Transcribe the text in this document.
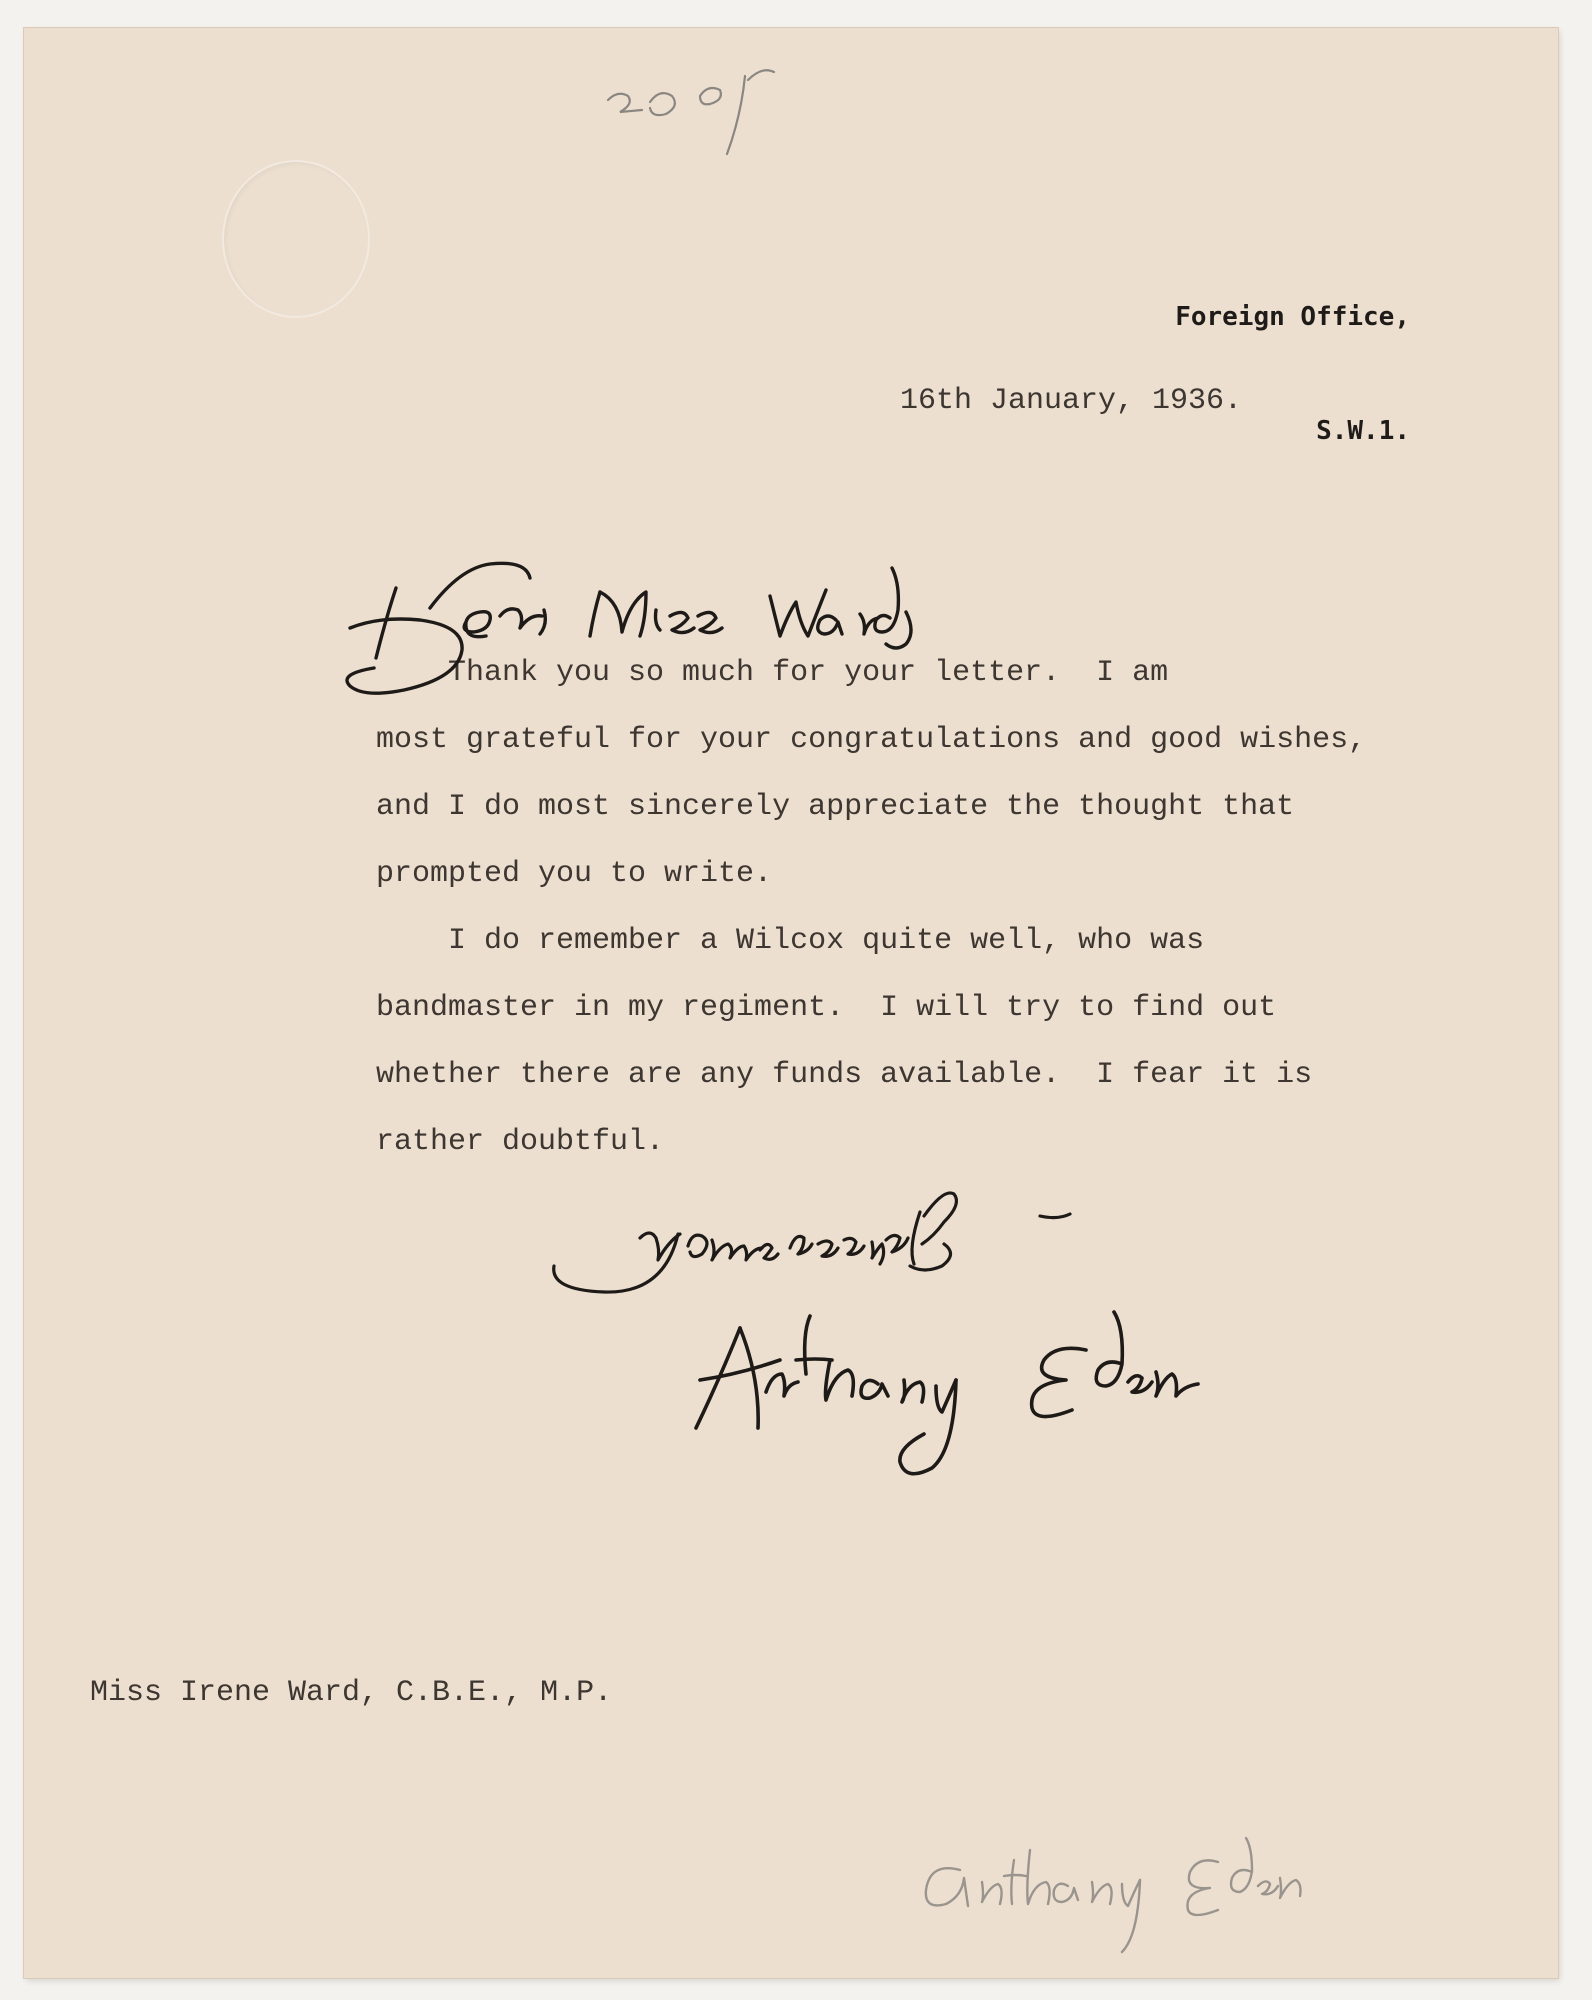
Foreign Office,

S.W.1.

16th January, 1936.

Thank you so much for your letter.  I am

most grateful for your congratulations and good wishes,

and I do most sincerely appreciate the thought that

prompted you to write.

I do remember a Wilcox quite well, who was

bandmaster in my regiment.  I will try to find out

whether there are any funds available.  I fear it is

rather doubtful.

Miss Irene Ward, C.B.E., M.P.
